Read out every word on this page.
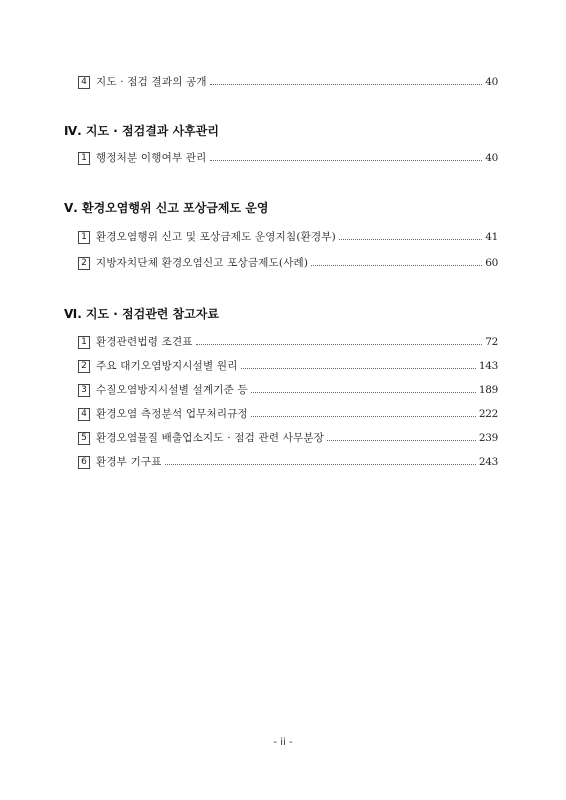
4 지도 · 점검 결과의 공개	40
Ⅳ. 지도 · 점검결과 사후관리
1 행정처분 이행여부 관리	40
Ⅴ. 환경오염행위 신고 포상금제도 운영
1 환경오염행위 신고 및 포상금제도 운영지침(환경부)	41
2 지방자치단체 환경오염신고 포상금제도(사례)	60
Ⅵ. 지도 · 점검관련 참고자료
1 환경관련법령 조견표	72
2 주요 대기오염방지시설별 원리	143
3 수질오염방지시설별 설계기준 등	189
4 환경오염 측정분석 업무처리규정	222
5 환경오염물질 배출업소지도 · 점검 관련 사무분장	239
6 환경부 기구표	243
- ii -
